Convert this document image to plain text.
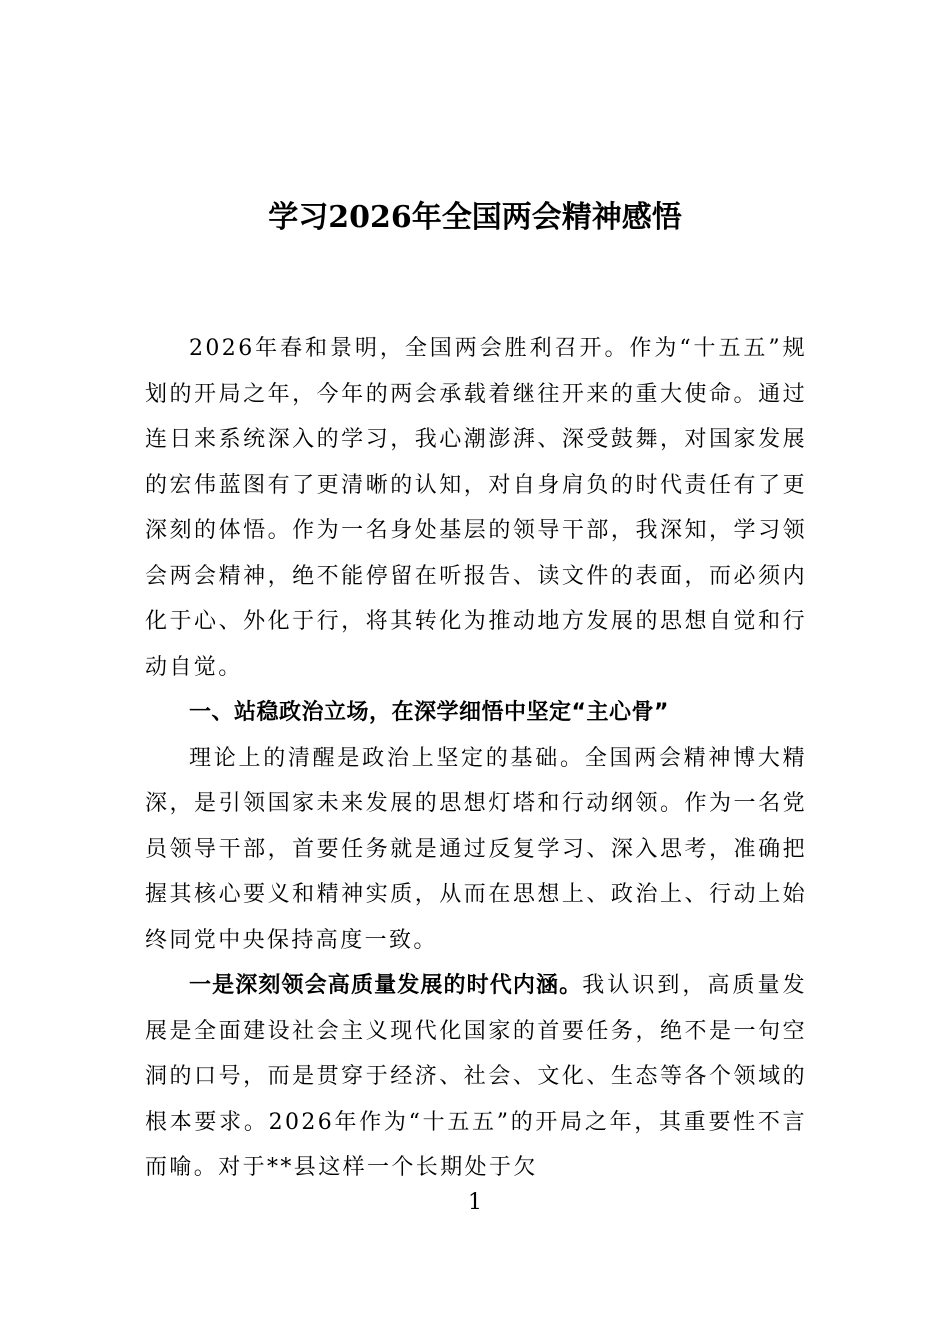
学习2026年全国两会精神感悟

2026年春和景明，全国两会胜利召开。作为“十五五”规划的开局之年，今年的两会承载着继往开来的重大使命。通过连日来系统深入的学习，我心潮澎湃、深受鼓舞，对国家发展的宏伟蓝图有了更清晰的认知，对自身肩负的时代责任有了更深刻的体悟。作为一名身处基层的领导干部，我深知，学习领会两会精神，绝不能停留在听报告、读文件的表面，而必须内化于心、外化于行，将其转化为推动地方发展的思想自觉和行动自觉。

一、站稳政治立场，在深学细悟中坚定“主心骨”

理论上的清醒是政治上坚定的基础。全国两会精神博大精深，是引领国家未来发展的思想灯塔和行动纲领。作为一名党员领导干部，首要任务就是通过反复学习、深入思考，准确把握其核心要义和精神实质，从而在思想上、政治上、行动上始终同党中央保持高度一致。

一是深刻领会高质量发展的时代内涵。我认识到，高质量发展是全面建设社会主义现代化国家的首要任务，绝不是一句空洞的口号，而是贯穿于经济、社会、文化、生态等各个领域的根本要求。2026年作为“十五五”的开局之年，其重要性不言而喻。对于**县这样一个长期处于欠

1
